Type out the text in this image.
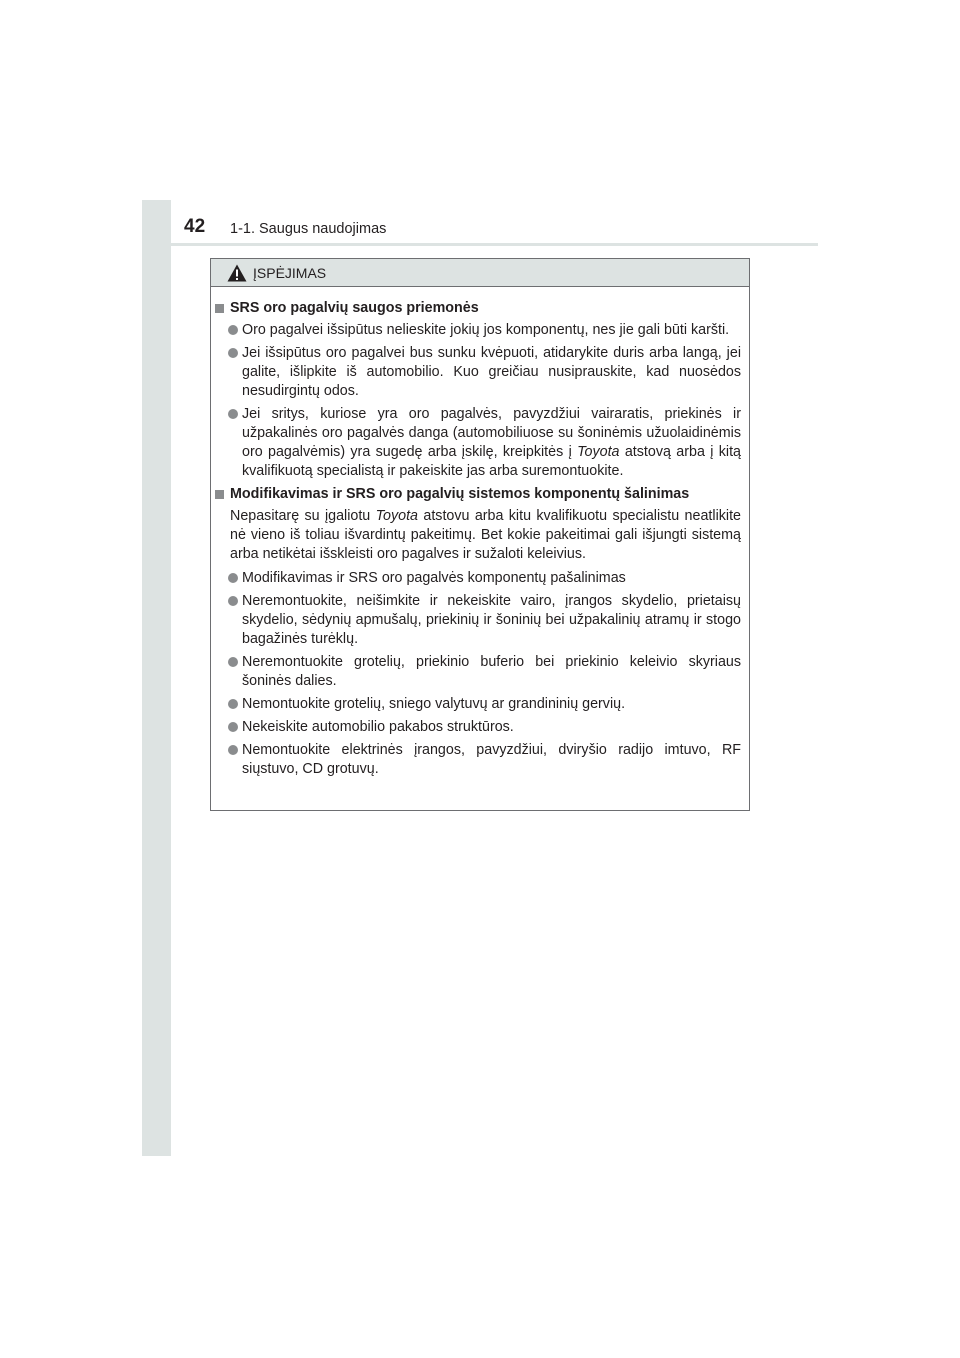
42 1-1. Saugus naudojimas
ĮSPĖJIMAS
SRS oro pagalvių saugos priemonės
Oro pagalvei išsipūtus nelieskite jokių jos komponentų, nes jie gali būti karšti.
Jei išsipūtus oro pagalvei bus sunku kvėpuoti, atidarykite duris arba langą, jei galite, išlipkite iš automobilio. Kuo greičiau nusiprauskite, kad nuosėdos nesudirgintų odos.
Jei sritys, kuriose yra oro pagalvės, pavyzdžiui vairaratis, priekinės ir užpakalinės oro pagalvės danga (automobiliuose su šoninėmis užuolaidinėmis oro pagalvėmis) yra sugedę arba įskilę, kreipkitės į Toyota atstovą arba į kitą kvalifikuotą specialistą ir pakeiskite jas arba suremontuokite.
Modifikavimas ir SRS oro pagalvių sistemos komponentų šalinimas
Nepasitarę su įgaliotu Toyota atstovu arba kitu kvalifikuotu specialistu neatlikite nė vieno iš toliau išvardintų pakeitimų. Bet kokie pakeitimai gali išjungti sistemą arba netikėtai išskleisti oro pagalves ir sužaloti keleivius.
Modifikavimas ir SRS oro pagalvės komponentų pašalinimas
Neremontuokite, neišimkite ir nekeiskite vairo, įrangos skydelio, prietaisų skydelio, sėdynių apmušalų, priekinių ir šoninių bei užpakalinių atramų ir stogo bagažinės turėklų.
Neremontuokite grotelių, priekinio buferio bei priekinio keleivio skyriaus šoninės dalies.
Nemontuokite grotelių, sniego valytuvų ar grandininių gervių.
Nekeiskite automobilio pakabos struktūros.
Nemontuokite elektrinės įrangos, pavyzdžiui, dviryšio radijo imtuvo, RF siųstuvo, CD grotuvų.
